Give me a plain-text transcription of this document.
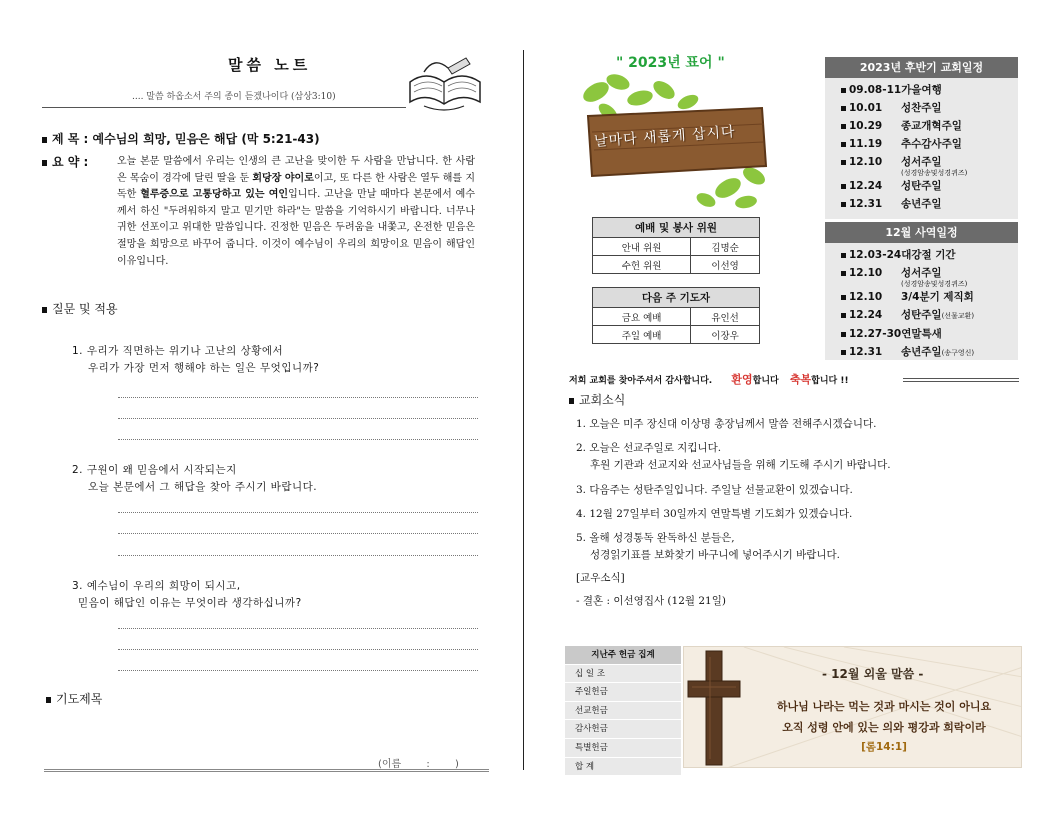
말씀 노트
.... 말씀 하옵소서 주의 종이 듣겠나이다 (삼상3:10)
제 목 : 예수님의 희망, 믿음은 해답 (막 5:21-43)
요 약 :	오늘 본문 말씀에서 우리는 인생의 큰 고난을 맞이한 두 사람을 만납니다. 한 사람은 목숨이 경각에 달린 딸을 둔 회당장 야이로이고, 또 다른 한 사람은 열두 해를 지독한 혈루증으로 고통당하고 있는 여인입니다. 고난을 만날 때마다 본문에서 예수께서 하신 "두려워하지 말고 믿기만 하라"는 말씀을 기억하시기 바랍니다. 너무나 귀한 선포이고 위대한 말씀입니다. 진정한 믿음은 두려움을 내쫓고, 온전한 믿음은 절망을 희망으로 바꾸어 줍니다. 이것이 예수님이 우리의 희망이요 믿음이 해답인 이유입니다.
질문 및 적용
1. 우리가 직면하는 위기나 고난의 상황에서
우리가 가장 먼저 행해야 하는 일은 무엇입니까?
2. 구원이 왜 믿음에서 시작되는지
오늘 본문에서 그 해답을 찾아 주시기 바랍니다.
3. 예수님이 우리의 희망이 되시고,
믿음이 해답인 이유는 무엇이라 생각하십니까?
기도제목
(이름 : )
" 2023년 표어 "
날마다 새롭게 삽시다
2023년 후반기 교회일정
09.08-11가을여행
10.01 성찬주일
10.29 종교개혁주일
11.19 추수감사주일
12.10 성서주일
(성경암송및성경퀴즈)
12.24 성탄주일
12.31 송년주일
12월 사역일정
12.03-24대강절 기간
12.10 성서주일
(성경암송및성경퀴즈)
12.10 3/4분기 제직회
12.24 성탄주일(선물교환)
12.27-30연말특새
12.31 송년주일(송구영신)
예배 및 봉사 위원	
안내 위원	김명순
수헌 위원	이선영
다음 주 기도자	
금요 예배	유인선
주일 예배	이장우
저희 교회를 찾아주셔서 감사합니다. 환영합니다 축복합니다 !!
교회소식
1. 오늘은 미주 장신대 이상명 총장님께서 말씀 전해주시겠습니다.
2. 오늘은 선교주일로 지킵니다.
후원 기관과 선교지와 선교사님들을 위해 기도해 주시기 바랍니다.
3. 다음주는 성탄주일입니다. 주일날 선물교환이 있겠습니다.
4. 12월 27일부터 30일까지 연말특별 기도회가 있겠습니다.
5. 올해 성경통독 완독하신 분들은,
성경읽기표를 보화찾기 바구니에 넣어주시기 바랍니다.
[교우소식]
- 결혼 : 이선영집사 (12월 21일)
지난주 헌금 집계
십 일 조
주일헌금
선교헌금
감사헌금
특별헌금
합 계
- 12월 외울 말씀 -
하나님 나라는 먹는 것과 마시는 것이 아니요
오직 성령 안에 있는 의와 평강과 희락이라
[롬14:1]
